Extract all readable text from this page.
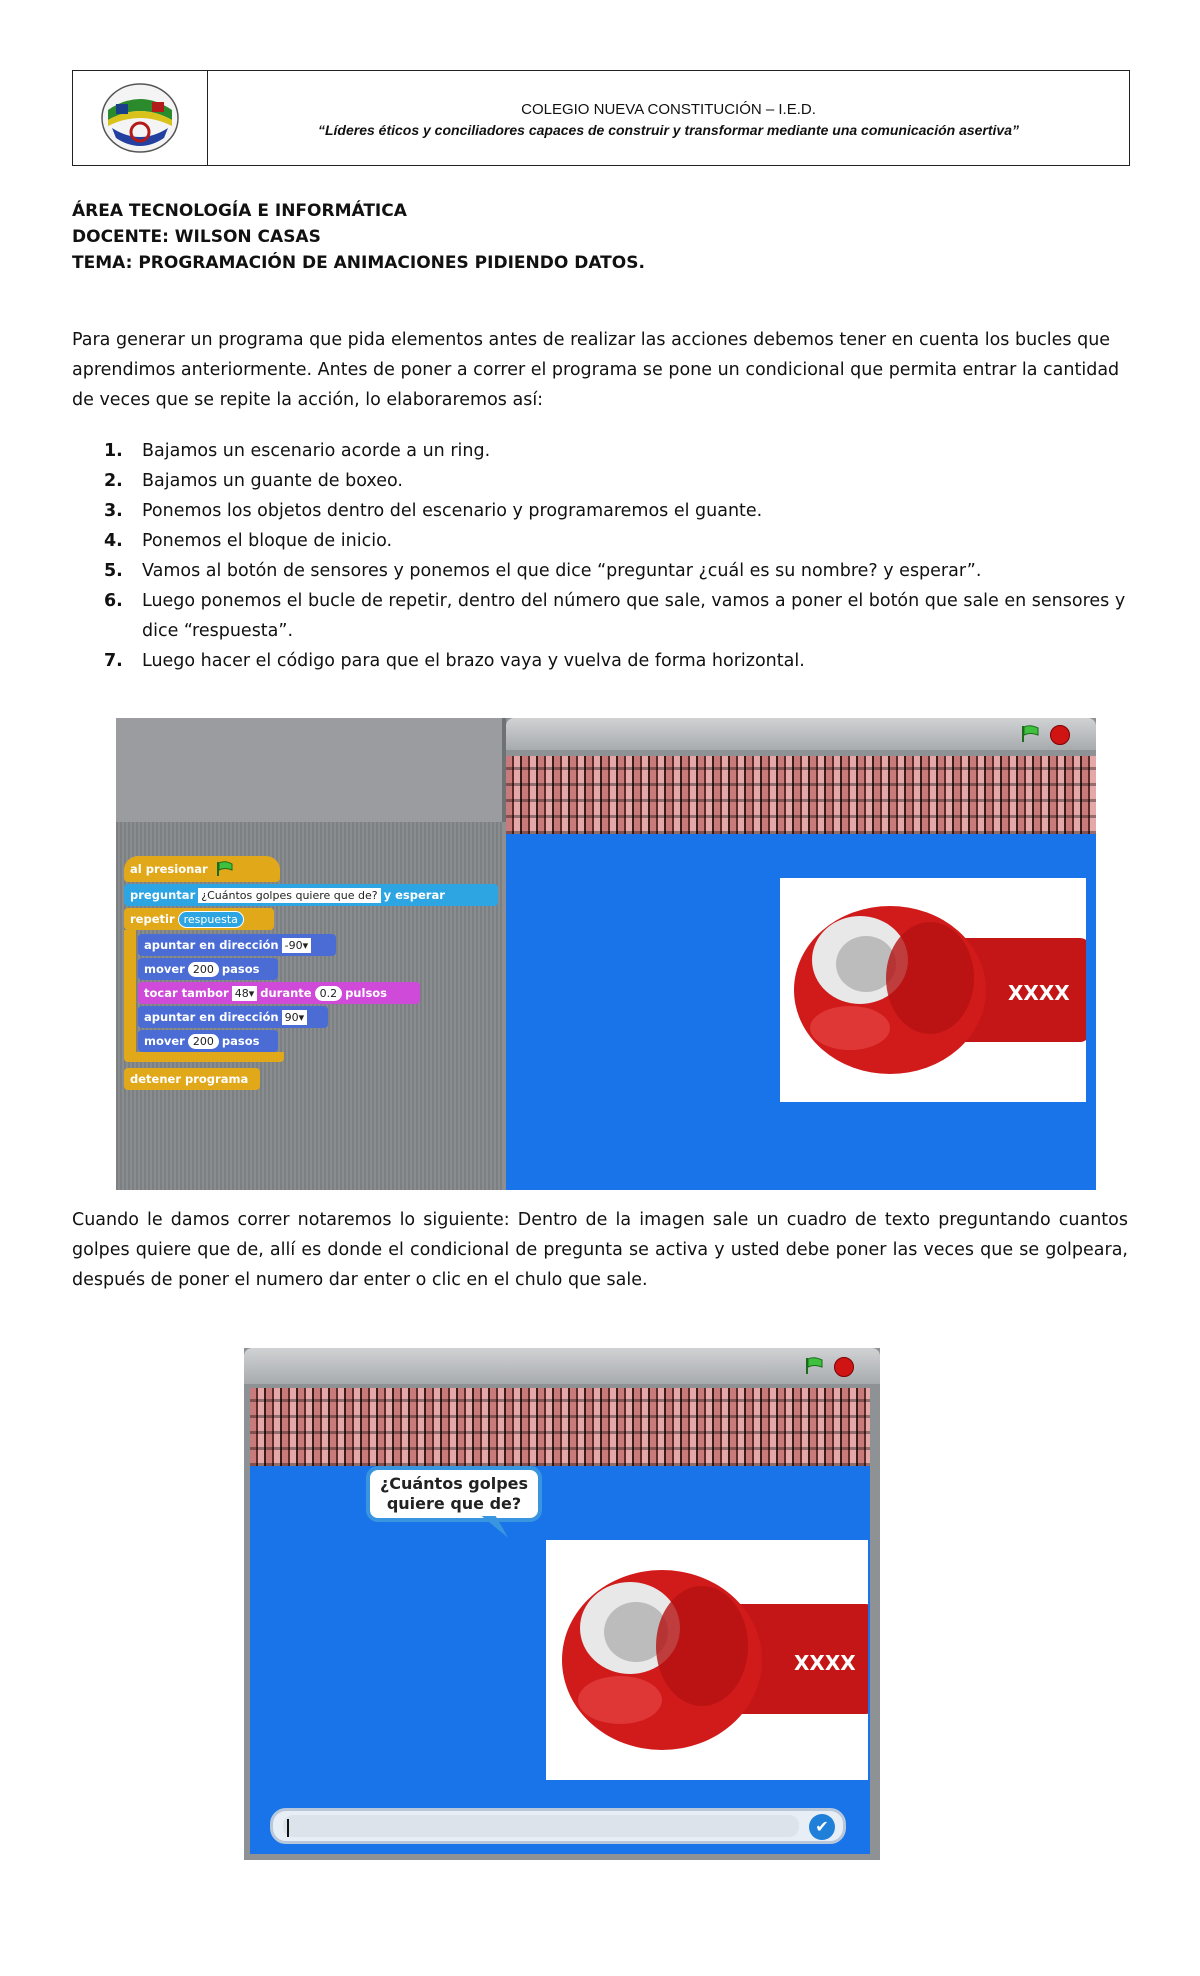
COLEGIO NUEVA CONSTITUCIÓN – I.E.D.
“Líderes éticos y conciliadores capaces de construir y transformar mediante una comunicación asertiva”
ÁREA TECNOLOGÍA E INFORMÁTICA
DOCENTE: WILSON CASAS
TEMA: PROGRAMACIÓN DE ANIMACIONES PIDIENDO DATOS.
Para generar un programa que pida elementos antes de realizar las acciones debemos tener en cuenta los bucles que aprendimos anteriormente. Antes de poner a correr el programa se pone un condicional que permita entrar la cantidad de veces que se repite la acción, lo elaboraremos así:
1.	Bajamos un escenario acorde a un ring.
2.	Bajamos un guante de boxeo.
3.	Ponemos los objetos dentro del escenario y programaremos el guante.
4.	Ponemos el bloque de inicio.
5.	Vamos al botón de sensores y ponemos el que dice “preguntar ¿cuál es su nombre? y esperar”.
6.	Luego ponemos el bucle de repetir, dentro del número que sale, vamos a poner el botón que sale en sensores y dice “respuesta”.
7.	Luego hacer el código para que el brazo vaya y vuelva de forma horizontal.
al presionar
preguntar ¿Cuántos golpes quiere que de? y esperar
repetir respuesta
apuntar en dirección -90▾
mover 200 pasos
tocar tambor 48▾ durante 0.2 pulsos
apuntar en dirección 90▾
mover 200 pasos
detener programa
XXXX
Cuando le damos correr notaremos lo siguiente: Dentro de la imagen sale un cuadro de texto preguntando cuantos golpes quiere que de, allí es donde el condicional de pregunta se activa y usted debe poner las veces que se golpeara, después de poner el numero dar enter o clic en el chulo que sale.
XXXX
¿Cuántos golpes
quiere que de?
✔
